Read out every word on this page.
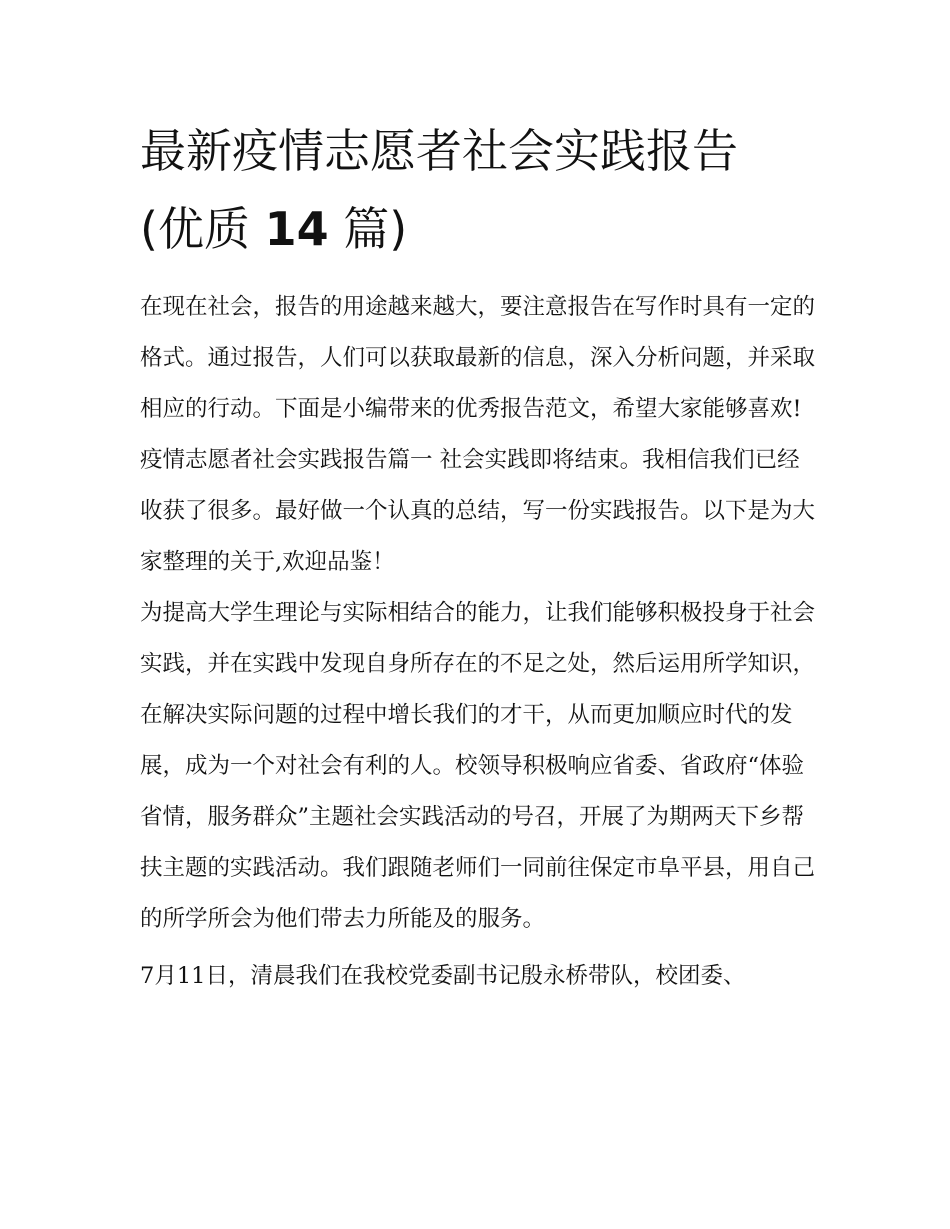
最新疫情志愿者社会实践报告
(优质 14 篇)

在现在社会，报告的用途越来越大，要注意报告在写作时具有一定的格式。通过报告，人们可以获取最新的信息，深入分析问题，并采取相应的行动。下面是小编带来的优秀报告范文，希望大家能够喜欢!

疫情志愿者社会实践报告篇一 社会实践即将结束。我相信我们已经收获了很多。最好做一个认真的总结，写一份实践报告。以下是为大家整理的关于,欢迎品鉴！

为提高大学生理论与实际相结合的能力，让我们能够积极投身于社会实践，并在实践中发现自身所存在的不足之处，然后运用所学知识，在解决实际问题的过程中增长我们的才干，从而更加顺应时代的发展，成为一个对社会有利的人。校领导积极响应省委、省政府“体验省情，服务群众”主题社会实践活动的号召，开展了为期两天下乡帮扶主题的实践活动。我们跟随老师们一同前往保定市阜平县，用自己的所学所会为他们带去力所能及的服务。

7月11日，清晨我们在我校党委副书记殷永桥带队，校团委、
